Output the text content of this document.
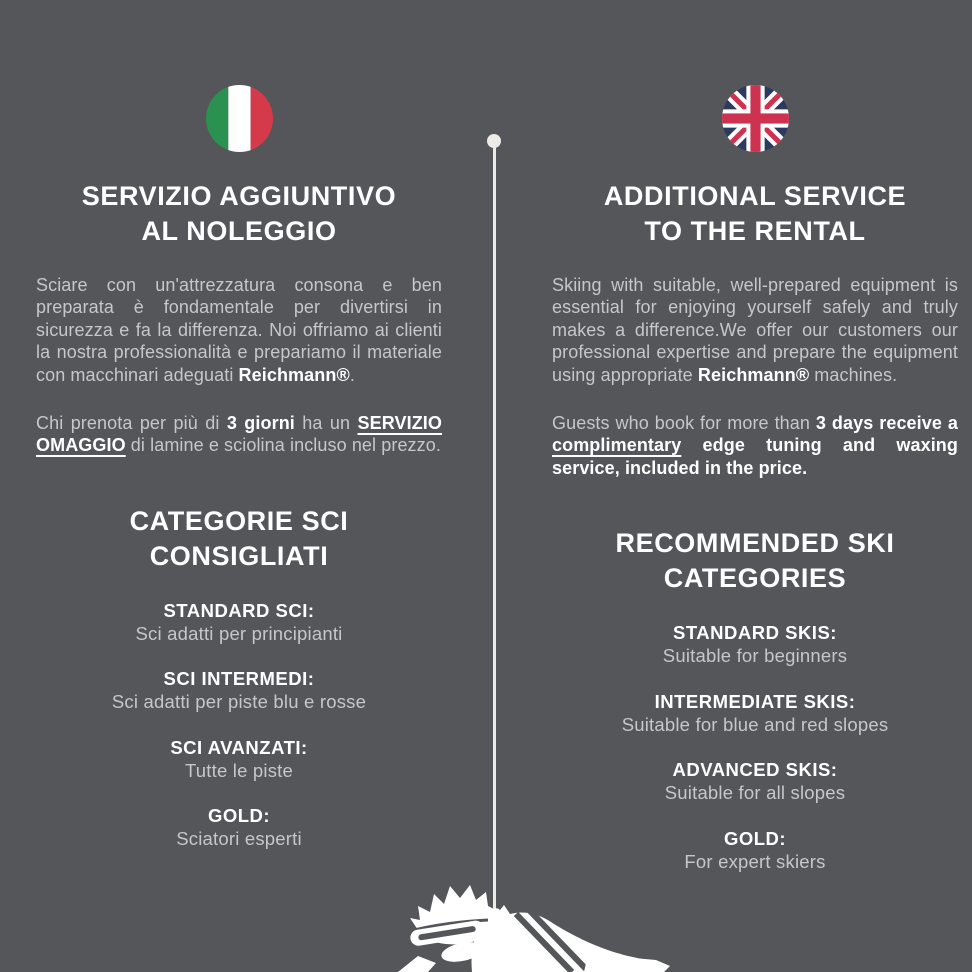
SERVIZIO AGGIUNTIVO
AL NOLEGGIO

Sciare con un'attrezzatura consona e ben preparata è fondamentale per divertirsi in sicurezza e fa la differenza. Noi offriamo ai clienti la nostra professionalità e prepariamo il materiale con macchinari adeguati Reichmann®.

Chi prenota per più di 3 giorni ha un SERVIZIO OMAGGIO di lamine e sciolina incluso nel prezzo.

CATEGORIE SCI
CONSIGLIATI
STANDARD SCI:
Sci adatti per principianti
SCI INTERMEDI:
Sci adatti per piste blu e rosse
SCI AVANZATI:
Tutte le piste
GOLD:
Sciatori esperti
ADDITIONAL SERVICE
TO THE RENTAL

Skiing with suitable, well-prepared equipment is essential for enjoying yourself safely and truly makes a difference.We offer our customers our professional expertise and prepare the equipment using appropriate Reichmann® machines.

Guests who book for more than 3 days receive a complimentary edge tuning and waxing service, included in the price.

RECOMMENDED SKI
CATEGORIES
STANDARD SKIS:
Suitable for beginners
INTERMEDIATE SKIS:
Suitable for blue and red slopes
ADVANCED SKIS:
Suitable for all slopes
GOLD:
For expert skiers
